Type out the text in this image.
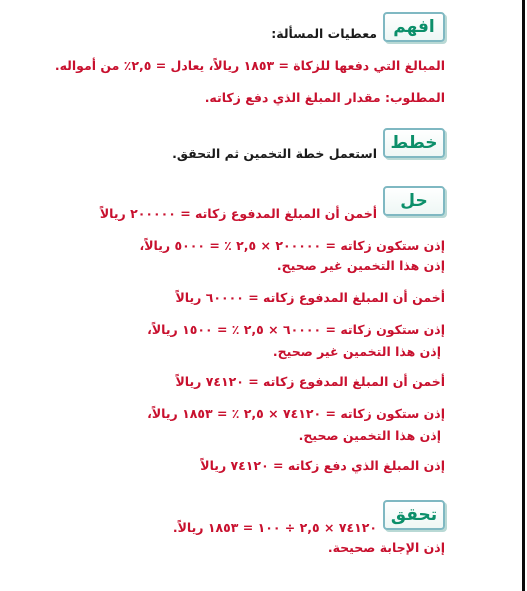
افهم
معطيات المسألة:
المبالغ التي دفعها للزكاة = ١٨٥٣ ريالاً، يعادل = ٢,٥٪ من أمواله.
المطلوب: مقدار المبلغ الذي دفع زكاته.
خطط
استعمل خطة التخمين ثم التحقق.
حل
أخمن أن المبلغ المدفوع زكاته = ٢٠٠٠٠٠ ريالاً
إذن ستكون زكاته = ٢٠٠٠٠٠ × ٢,٥ ٪ = ٥٠٠٠ ريالاً،
إذن هذا التخمين غير صحيح.
أخمن أن المبلغ المدفوع زكاته = ٦٠٠٠٠ ريالاً
إذن ستكون زكاته = ٦٠٠٠٠ × ٢,٥ ٪ = ١٥٠٠ ريالاً،
إذن هذا التخمين غير صحيح.
أخمن أن المبلغ المدفوع زكاته = ٧٤١٢٠ ريالاً
إذن ستكون زكاته = ٧٤١٢٠ × ٢,٥ ٪ = ١٨٥٣ ريالاً،
إذن هذا التخمين صحيح.
إذن المبلغ الذي دفع زكاته = ٧٤١٢٠ ريالاً
تحقق
٧٤١٢٠ × ٢,٥ ÷ ١٠٠ = ١٨٥٣ ريالاً.
إذن الإجابة صحيحة.
